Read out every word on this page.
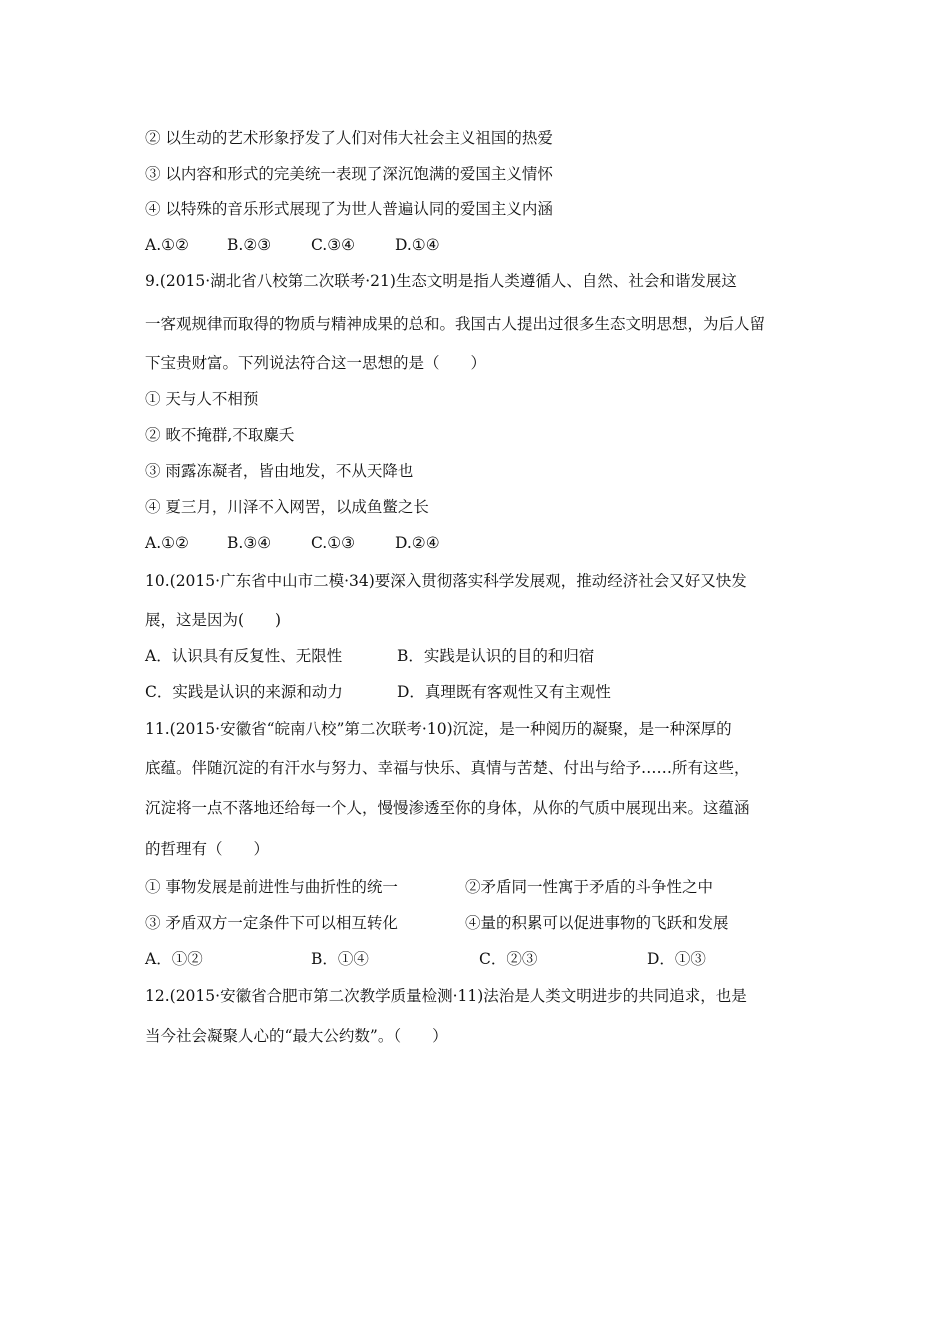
② 以生动的艺术形象抒发了人们对伟大社会主义祖国的热爱
③ 以内容和形式的完美统一表现了深沉饱满的爱国主义情怀
④ 以特殊的音乐形式展现了为世人普遍认同的爱国主义内涵
A.①② B.②③	C.③④	D.①④
9.(2015·湖北省八校第二次联考·21)生态文明是指人类遵循人、自然、社会和谐发展这
一客观规律而取得的物质与精神成果的总和。我国古人提出过很多生态文明思想，为后人留
下宝贵财富。下列说法符合这一思想的是（　　）
① 天与人不相预
② 畋不掩群,不取麋夭
③ 雨露冻凝者，皆由地发，不从天降也
④ 夏三月，川泽不入网罟，以成鱼鳖之长
A.①② B.③④	C.①③	D.②④
10.(2015·广东省中山市二模·34)要深入贯彻落实科学发展观，推动经济社会又好又快发
展，这是因为(　　)
A．认识具有反复性、无限性	B．实践是认识的目的和归宿
C．实践是认识的来源和动力	D．真理既有客观性又有主观性
11.(2015·安徽省“皖南八校”第二次联考·10)沉淀，是一种阅历的凝聚，是一种深厚的
底蕴。伴随沉淀的有汗水与努力、幸福与快乐、真情与苦楚、付出与给予……所有这些，
沉淀将一点不落地还给每一个人，慢慢渗透至你的身体，从你的气质中展现出来。这蕴涵
的哲理有（　　）
① 事物发展是前进性与曲折性的统一	②矛盾同一性寓于矛盾的斗争性之中
③ 矛盾双方一定条件下可以相互转化	④量的积累可以促进事物的飞跃和发展
A．①②	B．①④	C．②③	D．①③
12.(2015·安徽省合肥市第二次教学质量检测·11)法治是人类文明进步的共同追求，也是
当今社会凝聚人心的“最大公约数”。（　　）
